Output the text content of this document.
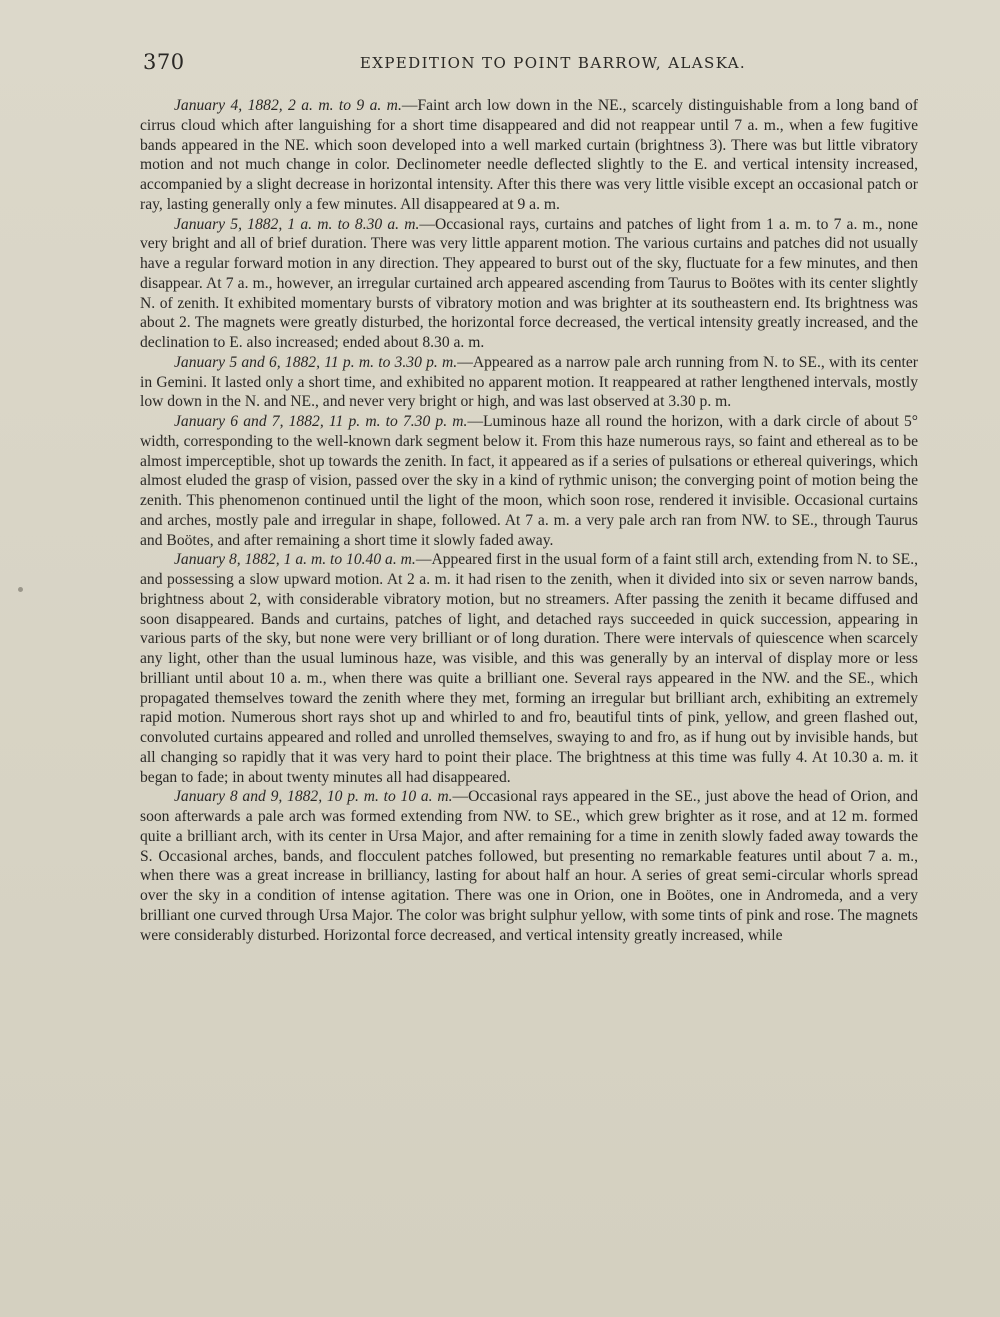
370	EXPEDITION TO POINT BARROW, ALASKA.

January 4, 1882, 2 a. m. to 9 a. m.—Faint arch low down in the NE., scarcely distinguishable from a long band of cirrus cloud which after languishing for a short time disappeared and did not reappear until 7 a. m., when a few fugitive bands appeared in the NE. which soon developed into a well marked curtain (brightness 3). There was but little vibratory motion and not much change in color. Declinometer needle deflected slightly to the E. and vertical intensity increased, accompanied by a slight decrease in horizontal intensity. After this there was very little visible except an occasional patch or ray, lasting generally only a few minutes. All disappeared at 9 a. m.

January 5, 1882, 1 a. m. to 8.30 a. m.—Occasional rays, curtains and patches of light from 1 a. m. to 7 a. m., none very bright and all of brief duration. There was very little apparent motion. The various curtains and patches did not usually have a regular forward motion in any direction. They appeared to burst out of the sky, fluctuate for a few minutes, and then disappear. At 7 a. m., however, an irregular curtained arch appeared ascending from Taurus to Boötes with its center slightly N. of zenith. It exhibited momentary bursts of vibratory motion and was brighter at its southeastern end. Its brightness was about 2. The magnets were greatly disturbed, the horizontal force decreased, the vertical intensity greatly increased, and the declination to E. also increased; ended about 8.30 a. m.

January 5 and 6, 1882, 11 p. m. to 3.30 p. m.—Appeared as a narrow pale arch running from N. to SE., with its center in Gemini. It lasted only a short time, and exhibited no apparent motion. It reappeared at rather lengthened intervals, mostly low down in the N. and NE., and never very bright or high, and was last observed at 3.30 p. m.

January 6 and 7, 1882, 11 p. m. to 7.30 p. m.—Luminous haze all round the horizon, with a dark circle of about 5° width, corresponding to the well-known dark segment below it. From this haze numerous rays, so faint and ethereal as to be almost imperceptible, shot up towards the zenith. In fact, it appeared as if a series of pulsations or ethereal quiverings, which almost eluded the grasp of vision, passed over the sky in a kind of rythmic unison; the converging point of motion being the zenith. This phenomenon continued until the light of the moon, which soon rose, rendered it invisible. Occasional curtains and arches, mostly pale and irregular in shape, followed. At 7 a. m. a very pale arch ran from NW. to SE., through Taurus and Boötes, and after remaining a short time it slowly faded away.

January 8, 1882, 1 a. m. to 10.40 a. m.—Appeared first in the usual form of a faint still arch, extending from N. to SE., and possessing a slow upward motion. At 2 a. m. it had risen to the zenith, when it divided into six or seven narrow bands, brightness about 2, with considerable vibratory motion, but no streamers. After passing the zenith it became diffused and soon disappeared. Bands and curtains, patches of light, and detached rays succeeded in quick succession, appearing in various parts of the sky, but none were very brilliant or of long duration. There were intervals of quiescence when scarcely any light, other than the usual luminous haze, was visible, and this was generally by an interval of display more or less brilliant until about 10 a. m., when there was quite a brilliant one. Several rays appeared in the NW. and the SE., which propagated themselves toward the zenith where they met, forming an irregular but brilliant arch, exhibiting an extremely rapid motion. Numerous short rays shot up and whirled to and fro, beautiful tints of pink, yellow, and green flashed out, convoluted curtains appeared and rolled and unrolled themselves, swaying to and fro, as if hung out by invisible hands, but all changing so rapidly that it was very hard to point their place. The brightness at this time was fully 4. At 10.30 a. m. it began to fade; in about twenty minutes all had disappeared.

January 8 and 9, 1882, 10 p. m. to 10 a. m.—Occasional rays appeared in the SE., just above the head of Orion, and soon afterwards a pale arch was formed extending from NW. to SE., which grew brighter as it rose, and at 12 m. formed quite a brilliant arch, with its center in Ursa Major, and after remaining for a time in zenith slowly faded away towards the S. Occasional arches, bands, and flocculent patches followed, but presenting no remarkable features until about 7 a. m., when there was a great increase in brilliancy, lasting for about half an hour. A series of great semi-circular whorls spread over the sky in a condition of intense agitation. There was one in Orion, one in Boötes, one in Andromeda, and a very brilliant one curved through Ursa Major. The color was bright sulphur yellow, with some tints of pink and rose. The magnets were considerably disturbed. Horizontal force decreased, and vertical intensity greatly increased, while
